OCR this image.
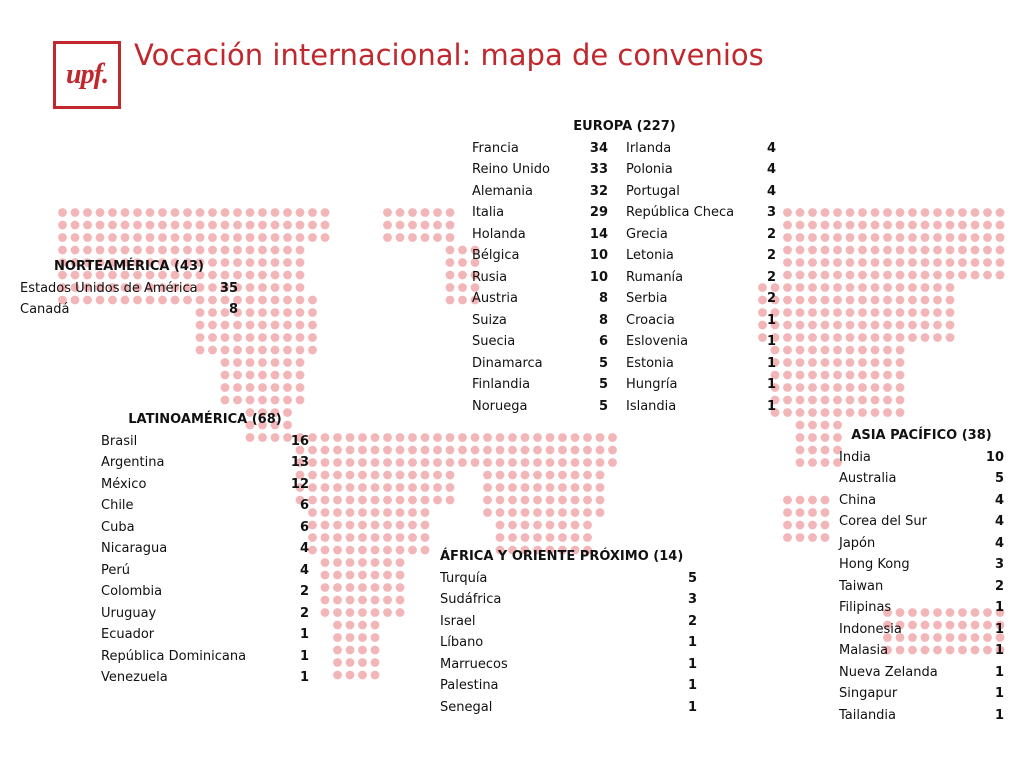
upf.
Vocación internacional: mapa de convenios
NORTEAMÉRICA (43)
Estados Unidos de América	35
Canadá	8
EUROPA (227)
Francia	34
Reino Unido	33
Alemania	32
Italia	29
Holanda	14
Bélgica	10
Rusia	10
Austria	8
Suiza	8
Suecia	6
Dinamarca	5
Finlandia	5
Noruega	5
Irlanda	4
Polonia	4
Portugal	4
República Checa	3
Grecia	2
Letonia	2
Rumanía	2
Serbia	2
Croacia	1
Eslovenia	1
Estonia	1
Hungría	1
Islandia	1
LATINOAMÉRICA (68)
Brasil	16
Argentina	13
México	12
Chile	6
Cuba	6
Nicaragua	4
Perú	4
Colombia	2
Uruguay	2
Ecuador	1
República Dominicana	1
Venezuela	1
ÁFRICA Y ORIENTE PRÓXIMO (14)
Turquía	5
Sudáfrica	3
Israel	2
Líbano	1
Marruecos	1
Palestina	1
Senegal	1
ASIA PACÍFICO (38)
India	10
Australia	5
China	4
Corea del Sur	4
Japón	4
Hong Kong	3
Taiwan	2
Filipinas	1
Indonesia	1
Malasia	1
Nueva Zelanda	1
Singapur	1
Tailandia	1
